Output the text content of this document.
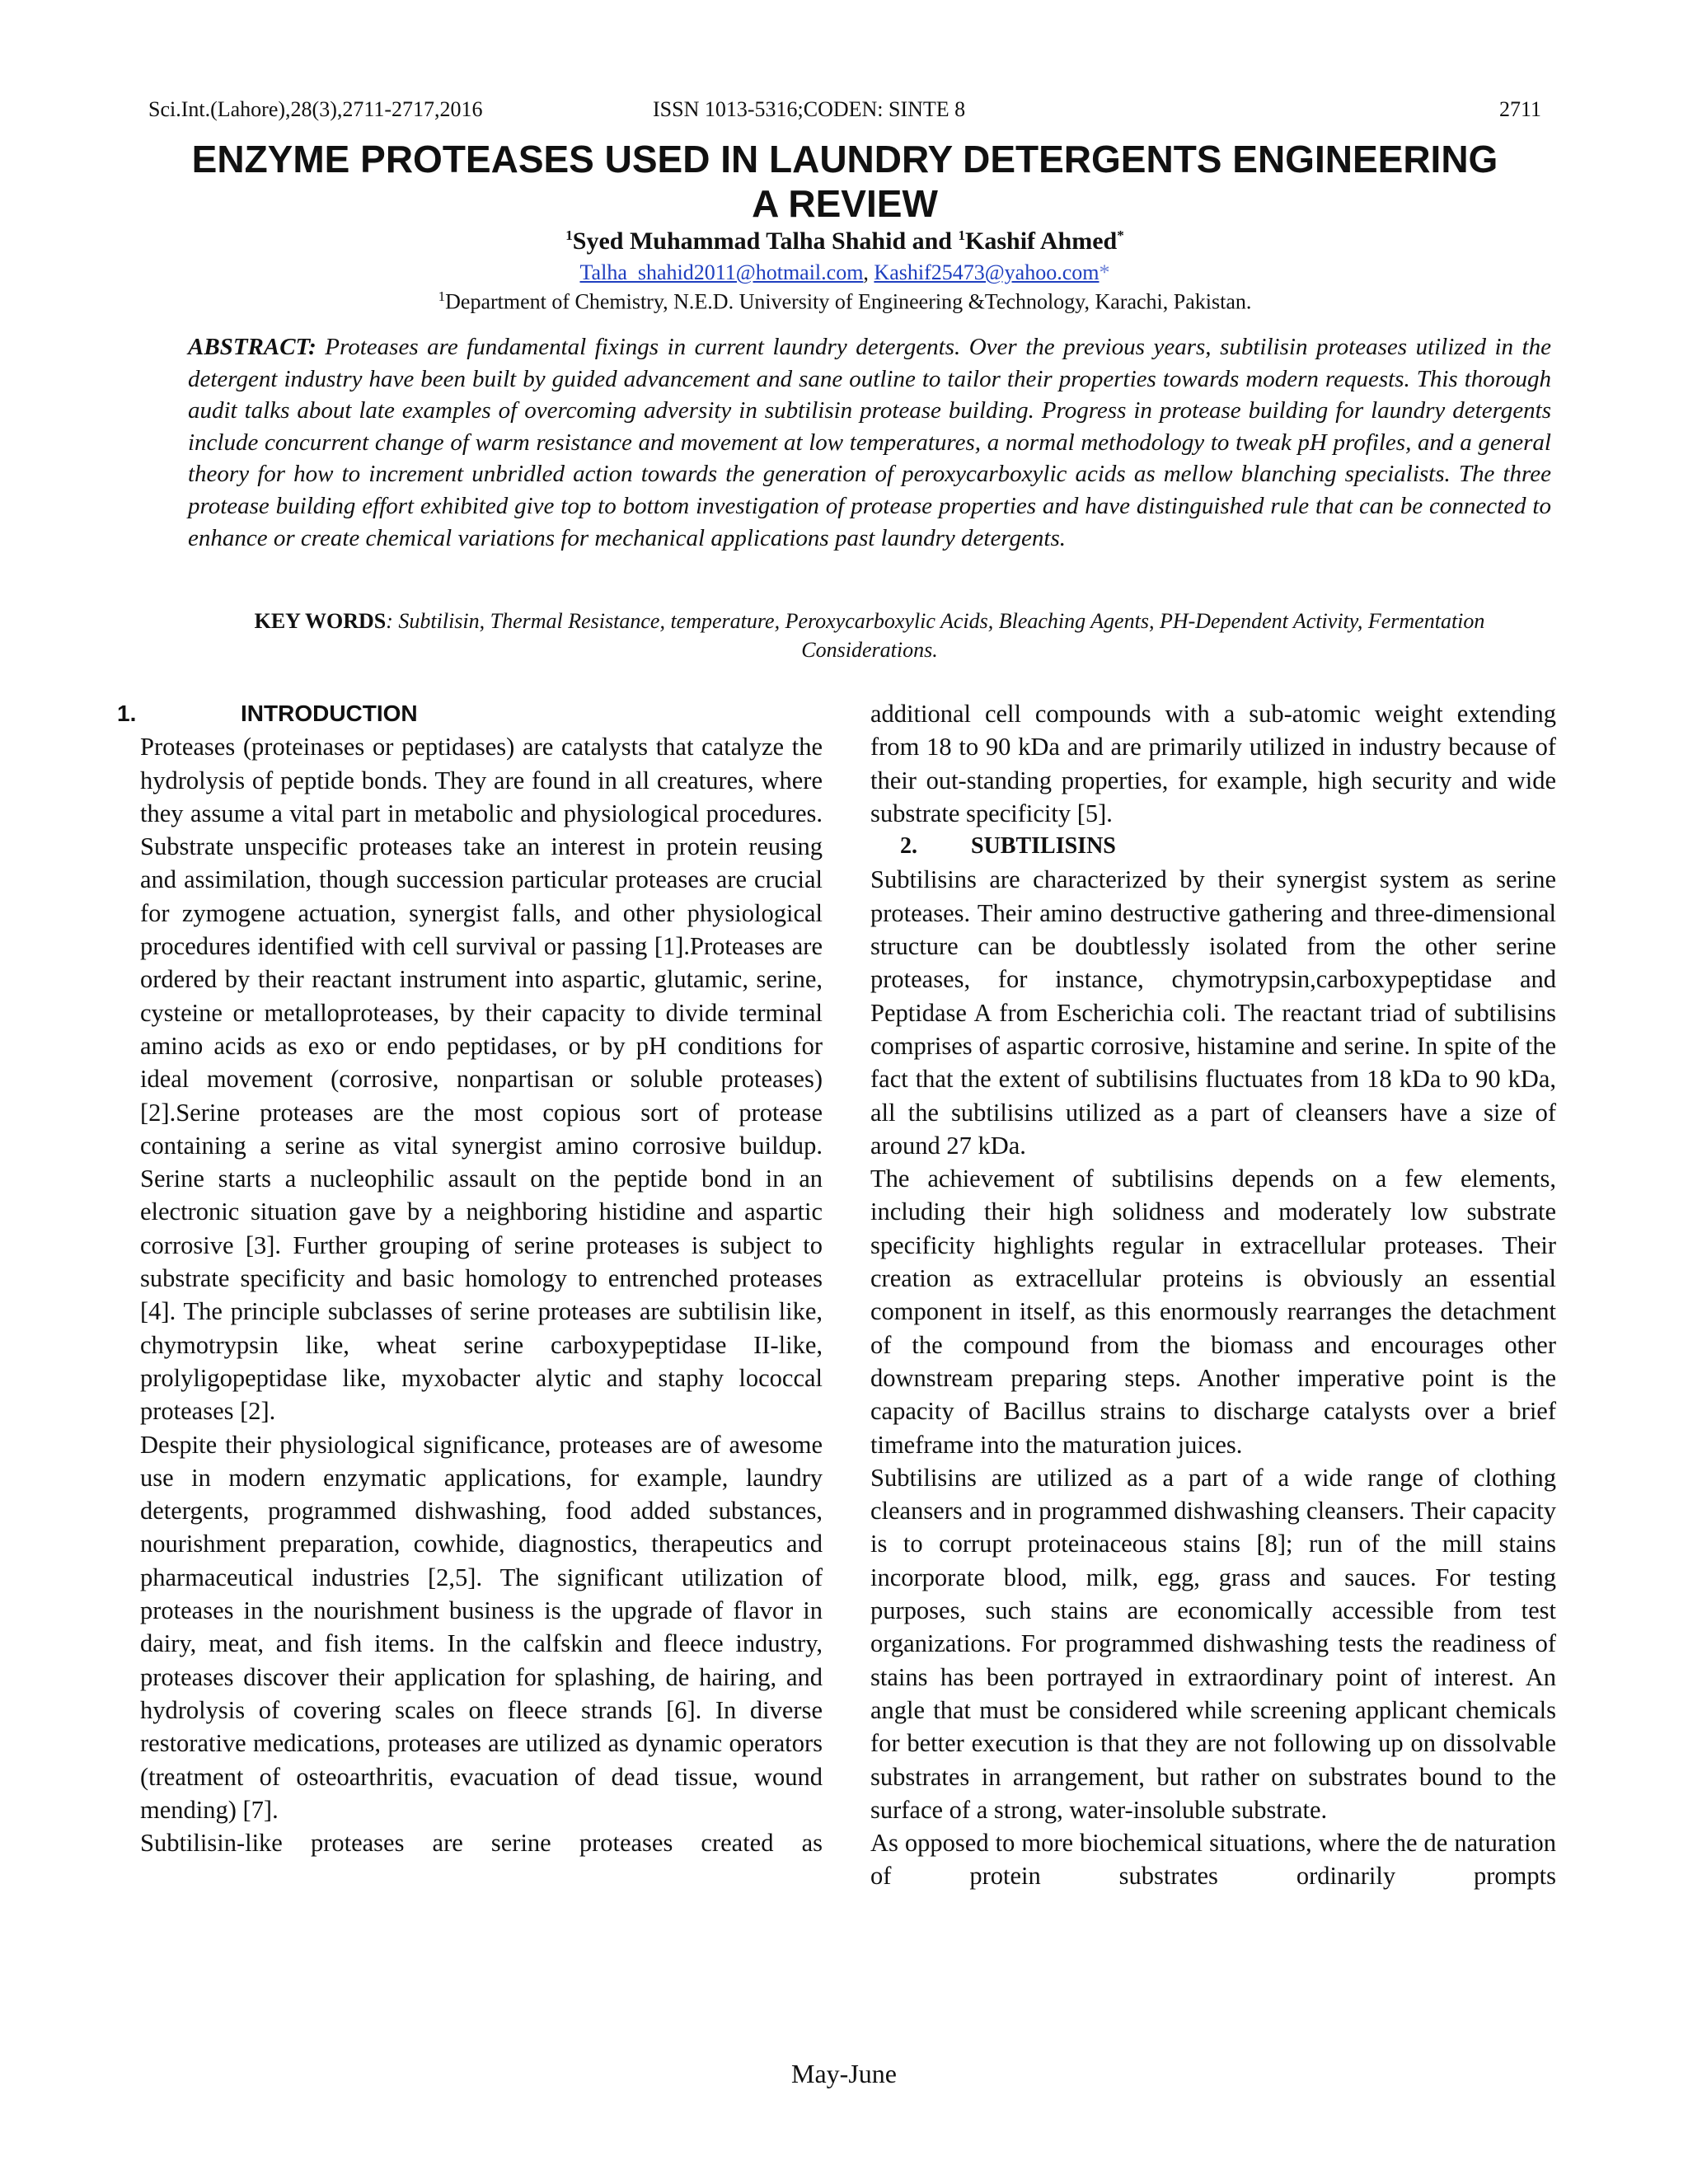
Sci.Int.(Lahore),28(3),2711-2717,2016	ISSN 1013-5316;CODEN: SINTE 8	2711
ENZYME PROTEASES USED IN LAUNDRY DETERGENTS ENGINEERING
A REVIEW
$^1$Syed Muhammad Talha Shahid and $^1$Kashif Ahmed*
Talha_shahid2011@hotmail.com, Kashif25473@yahoo.com*
$^1$Department of Chemistry, N.E.D. University of Engineering &Technology, Karachi, Pakistan.

ABSTRACT: Proteases are fundamental fixings in current laundry detergents. Over the previous years, subtilisin proteases utilized in the detergent industry have been built by guided advancement and sane outline to tailor their properties towards modern requests. This thorough audit talks about late examples of overcoming adversity in subtilisin protease building. Progress in protease building for laundry detergents include concurrent change of warm resistance and movement at low temperatures, a normal methodology to tweak pH profiles, and a general theory for how to increment unbridled action towards the generation of peroxycarboxylic acids as mellow blanching specialists. The three protease building effort exhibited give top to bottom investigation of protease properties and have distinguished rule that can be connected to enhance or create chemical variations for mechanical applications past laundry detergents.

KEY WORDS: Subtilisin, Thermal Resistance, temperature, Peroxycarboxylic Acids, Bleaching Agents, PH-Dependent Activity, Fermentation Considerations.

1.	INTRODUCTION

Proteases (proteinases or peptidases) are catalysts that catalyze the hydrolysis of peptide bonds. They are found in all creatures, where they assume a vital part in metabolic and physiological procedures. Substrate unspecific proteases take an interest in protein reusing and assimilation, though succession particular proteases are crucial for zymogene actuation, synergist falls, and other physiological procedures identified with cell survival or passing [1].Proteases are ordered by their reactant instrument into aspartic, glutamic, serine, cysteine or metalloproteases, by their capacity to divide terminal amino acids as exo or endo peptidases, or by pH conditions for ideal movement (corrosive, nonpartisan or soluble proteases) [2].Serine proteases are the most copious sort of protease containing a serine as vital synergist amino corrosive buildup. Serine starts a nucleophilic assault on the peptide bond in an electronic situation gave by a neighboring histidine and aspartic corrosive [3]. Further grouping of serine proteases is subject to substrate specificity and basic homology to entrenched proteases [4]. The principle subclasses of serine proteases are subtilisin like, chymotrypsin like, wheat serine carboxypeptidase II-like, prolyligopeptidase like, myxobacter alytic and staphy lococcal proteases [2].

Despite their physiological significance, proteases are of awesome use in modern enzymatic applications, for example, laundry detergents, programmed dishwashing, food added substances, nourishment preparation, cowhide, diagnostics, therapeutics and pharmaceutical industries [2,5]. The significant utilization of proteases in the nourishment business is the upgrade of flavor in dairy, meat, and fish items. In the calfskin and fleece industry, proteases discover their application for splashing, de hairing, and hydrolysis of covering scales on fleece strands [6]. In diverse restorative medications, proteases are utilized as dynamic operators (treatment of osteoarthritis, evacuation of dead tissue, wound mending) [7].

Subtilisin-like proteases are serine proteases created as

additional cell compounds with a sub-atomic weight extending from 18 to 90 kDa and are primarily utilized in industry because of their out-standing properties, for example, high security and wide substrate specificity [5].

2.	SUBTILISINS

Subtilisins are characterized by their synergist system as serine proteases. Their amino destructive gathering and three-dimensional structure can be doubtlessly isolated from the other serine proteases, for instance, chymotrypsin,carboxypeptidase and Peptidase A from Escherichia coli. The reactant triad of subtilisins comprises of aspartic corrosive, histamine and serine. In spite of the fact that the extent of subtilisins fluctuates from 18 kDa to 90 kDa, all the subtilisins utilized as a part of cleansers have a size of around 27 kDa.

The achievement of subtilisins depends on a few elements, including their high solidness and moderately low substrate specificity highlights regular in extracellular proteases. Their creation as extracellular proteins is obviously an essential component in itself, as this enormously rearranges the detachment of the compound from the biomass and encourages other downstream preparing steps. Another imperative point is the capacity of Bacillus strains to discharge catalysts over a brief timeframe into the maturation juices.

Subtilisins are utilized as a part of a wide range of clothing cleansers and in programmed dishwashing cleansers. Their capacity is to corrupt proteinaceous stains [8]; run of the mill stains incorporate blood, milk, egg, grass and sauces. For testing purposes, such stains are economically accessible from test organizations. For programmed dishwashing tests the readiness of stains has been portrayed in extraordinary point of interest. An angle that must be considered while screening applicant chemicals for better execution is that they are not following up on dissolvable substrates in arrangement, but rather on substrates bound to the surface of a strong, water-insoluble substrate.

As opposed to more biochemical situations, where the de naturation of protein substrates ordinarily prompts

May-June
